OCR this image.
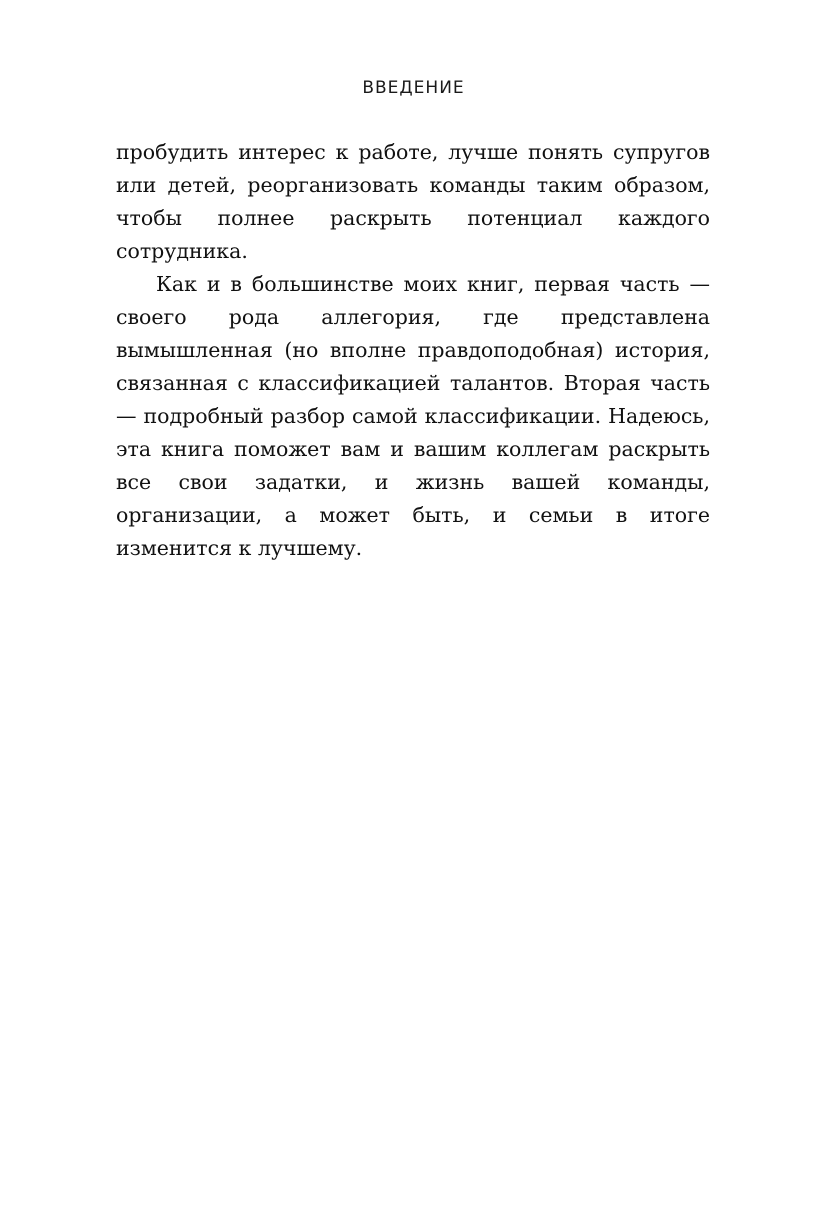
ВВЕДЕНИЕ

пробудить интерес к работе, лучше понять супругов или детей, реорганизовать команды таким образом, чтобы полнее раскрыть потенциал каждого сотрудника.

Как и в большинстве моих книг, первая часть — своего рода аллегория, где представлена вымышленная (но вполне правдоподобная) история, связанная с классификацией талантов. Вторая часть — подробный разбор самой классификации. Надеюсь, эта книга поможет вам и вашим коллегам раскрыть все свои задатки, и жизнь вашей команды, организации, а может быть, и семьи в итоге изменится к лучшему.
